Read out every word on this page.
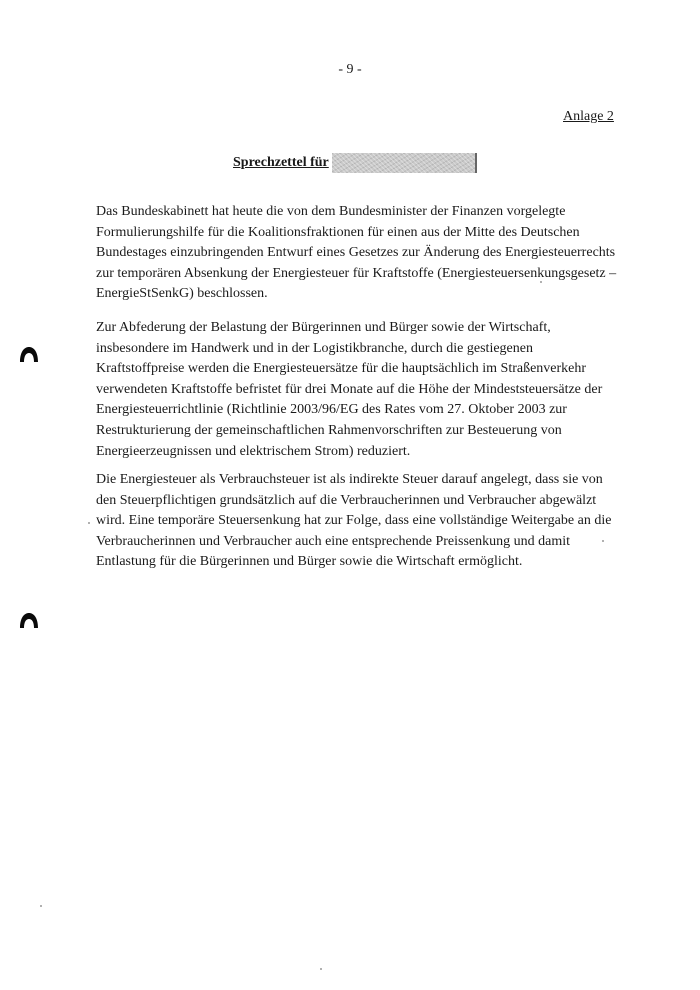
- 9 -
Anlage 2
Sprechzettel für

Das Bundeskabinett hat heute die von dem Bundesminister der Finanzen vorgelegte
Formulierungshilfe für die Koalitionsfraktionen für einen aus der Mitte des Deutschen
Bundestages einzubringenden Entwurf eines Gesetzes zur Änderung des Energiesteuerrechts
zur temporären Absenkung der Energiesteuer für Kraftstoffe (Energiesteuersenkungsgesetz –
EnergieStSenkG) beschlossen.

Zur Abfederung der Belastung der Bürgerinnen und Bürger sowie der Wirtschaft,
insbesondere im Handwerk und in der Logistikbranche, durch die gestiegenen
Kraftstoffpreise werden die Energiesteuersätze für die hauptsächlich im Straßenverkehr
verwendeten Kraftstoffe befristet für drei Monate auf die Höhe der Mindeststeuersätze der
Energiesteuerrichtlinie (Richtlinie 2003/96/EG des Rates vom 27. Oktober 2003 zur
Restrukturierung der gemeinschaftlichen Rahmenvorschriften zur Besteuerung von
Energieerzeugnissen und elektrischem Strom) reduziert.

Die Energiesteuer als Verbrauchsteuer ist als indirekte Steuer darauf angelegt, dass sie von
den Steuerpflichtigen grundsätzlich auf die Verbraucherinnen und Verbraucher abgewälzt
wird. Eine temporäre Steuersenkung hat zur Folge, dass eine vollständige Weitergabe an die
Verbraucherinnen und Verbraucher auch eine entsprechende Preissenkung und damit
Entlastung für die Bürgerinnen und Bürger sowie die Wirtschaft ermöglicht.
